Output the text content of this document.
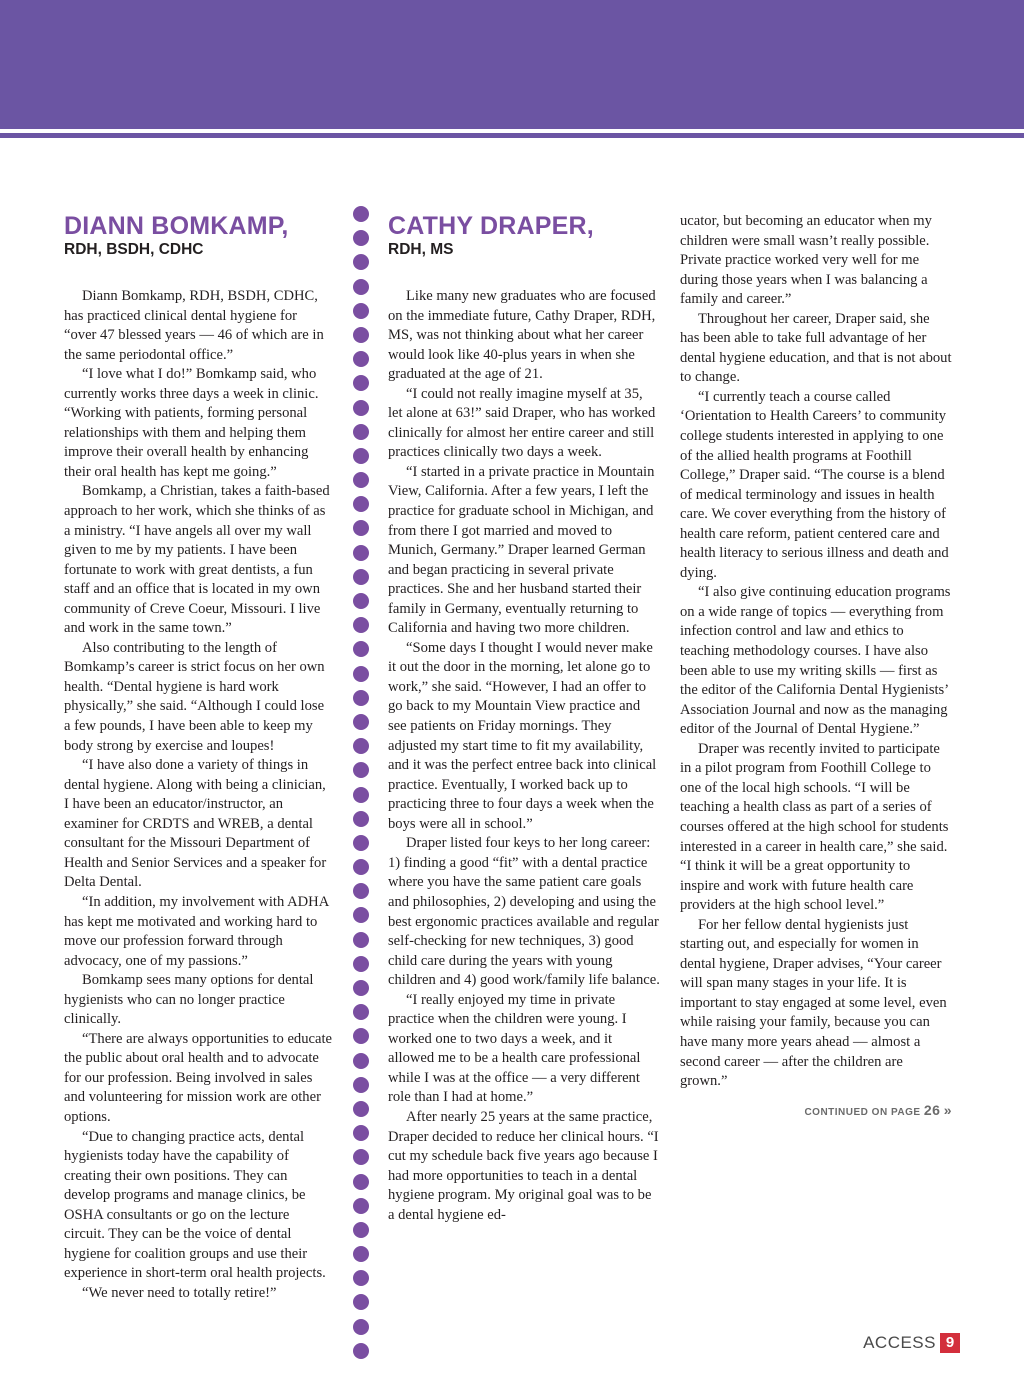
DIANN BOMKAMP,
RDH, BSDH, CDHC

Diann Bomkamp, RDH, BSDH, CDHC, has practiced clinical dental hygiene for “over 47 blessed years — 46 of which are in the same periodontal office.”

“I love what I do!” Bomkamp said, who currently works three days a week in clinic. “Working with patients, forming personal relationships with them and helping them improve their overall health by enhancing their oral health has kept me going.”

Bomkamp, a Christian, takes a faith-based approach to her work, which she thinks of as a ministry. “I have angels all over my wall given to me by my patients. I have been fortunate to work with great dentists, a fun staff and an office that is located in my own community of Creve Coeur, Missouri. I live and work in the same town.”

Also contributing to the length of Bomkamp’s career is strict focus on her own health. “Dental hygiene is hard work physically,” she said. “Although I could lose a few pounds, I have been able to keep my body strong by exercise and loupes!

“I have also done a variety of things in dental hygiene. Along with being a clinician, I have been an educator/instructor, an examiner for CRDTS and WREB, a dental consultant for the Missouri Department of Health and Senior Services and a speaker for Delta Dental.

“In addition, my involvement with ADHA has kept me motivated and working hard to move our profession forward through advocacy, one of my passions.”

Bomkamp sees many options for dental hygienists who can no longer practice clinically.

“There are always opportunities to educate the public about oral health and to advocate for our profession. Being involved in sales and volunteering for mission work are other options.

“Due to changing practice acts, dental hygienists today have the capability of creating their own positions. They can develop programs and manage clinics, be OSHA consultants or go on the lecture circuit. They can be the voice of dental hygiene for coalition groups and use their experience in short-term oral health projects.

“We never need to totally retire!”

CATHY DRAPER,
RDH, MS

Like many new graduates who are focused on the immediate future, Cathy Draper, RDH, MS, was not thinking about what her career would look like 40-plus years in when she graduated at the age of 21.

“I could not really imagine myself at 35, let alone at 63!” said Draper, who has worked clinically for almost her entire career and still practices clinically two days a week.

“I started in a private practice in Mountain View, California. After a few years, I left the practice for graduate school in Michigan, and from there I got married and moved to Munich, Germany.” Draper learned German and began practicing in several private practices. She and her husband started their family in Germany, eventually returning to California and having two more children.

“Some days I thought I would never make it out the door in the morning, let alone go to work,” she said. “However, I had an offer to go back to my Mountain View practice and see patients on Friday mornings. They adjusted my start time to fit my availability, and it was the perfect entree back into clinical practice. Eventually, I worked back up to practicing three to four days a week when the boys were all in school.”

Draper listed four keys to her long career: 1) finding a good “fit” with a dental practice where you have the same patient care goals and philosophies, 2) developing and using the best ergonomic practices available and regular self-checking for new techniques, 3) good child care during the years with young children and 4) good work/family life balance.

“I really enjoyed my time in private practice when the children were young. I worked one to two days a week, and it allowed me to be a health care professional while I was at the office — a very different role than I had at home.”

After nearly 25 years at the same practice, Draper decided to reduce her clinical hours. “I cut my schedule back five years ago because I had more opportunities to teach in a dental hygiene program. My original goal was to be a dental hygiene ed-

ucator, but becoming an educator when my children were small wasn’t really possible. Private practice worked very well for me during those years when I was balancing a family and career.”

Throughout her career, Draper said, she has been able to take full advantage of her dental hygiene education, and that is not about to change.

“I currently teach a course called ‘Orientation to Health Careers’ to community college students interested in applying to one of the allied health programs at Foothill College,” Draper said. “The course is a blend of medical terminology and issues in health care. We cover everything from the history of health care reform, patient centered care and health literacy to serious illness and death and dying.

“I also give continuing education programs on a wide range of topics — everything from infection control and law and ethics to teaching methodology courses. I have also been able to use my writing skills — first as the editor of the California Dental Hygienists’ Association Journal and now as the managing editor of the Journal of Dental Hygiene.”

Draper was recently invited to participate in a pilot program from Foothill College to one of the local high schools. “I will be teaching a health class as part of a series of courses offered at the high school for students interested in a career in health care,” she said. “I think it will be a great opportunity to inspire and work with future health care providers at the high school level.”

For her fellow dental hygienists just starting out, and especially for women in dental hygiene, Draper advises, “Your career will span many stages in your life. It is important to stay engaged at some level, even while raising your family, because you can have many more years ahead — almost a second career — after the children are grown.”

CONTINUED ON PAGE 26 »
ACCESS 9
